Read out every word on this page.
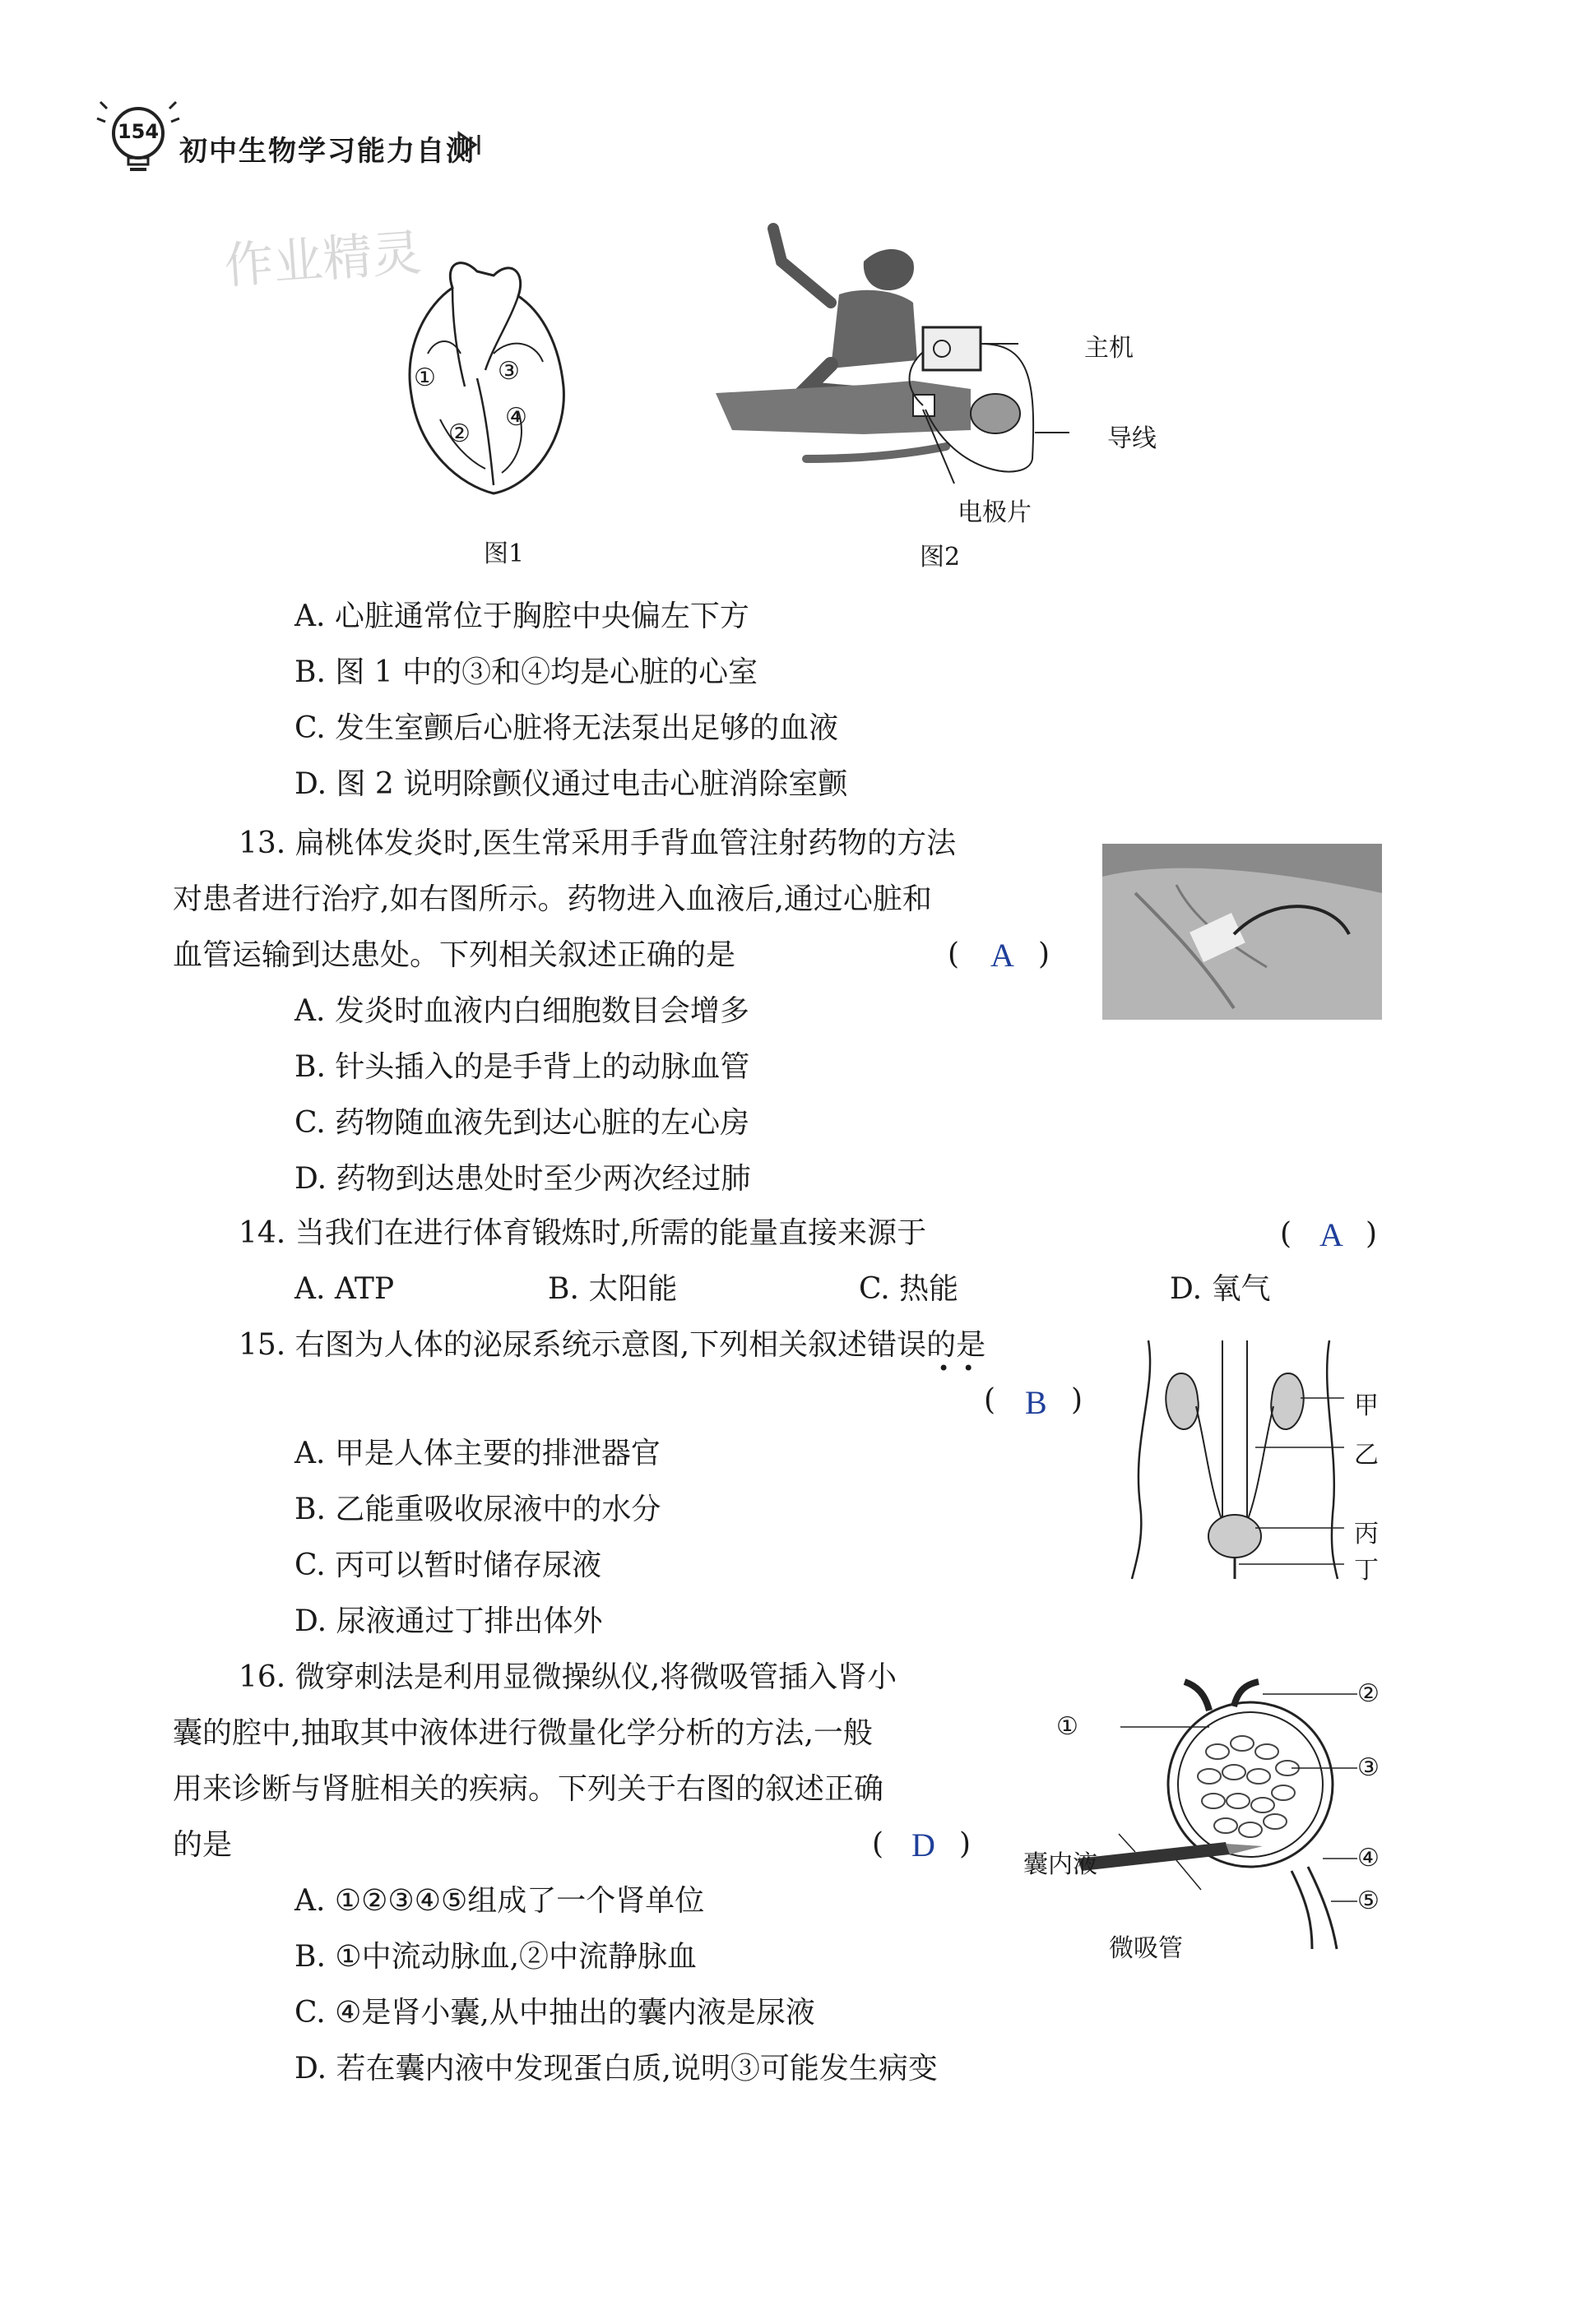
154
初中生物学习能力自测
作业精灵
①
②
③
④
图1
主机
导线
电极片
图2
A. 心脏通常位于胸腔中央偏左下方
B. 图 1 中的③和④均是心脏的心室
C. 发生室颤后心脏将无法泵出足够的血液
D. 图 2 说明除颤仪通过电击心脏消除室颤
13. 扁桃体发炎时,医生常采用手背血管注射药物的方法
对患者进行治疗,如右图所示。药物进入血液后,通过心脏和
血管运输到达患处。下列相关叙述正确的是	( A )
A. 发炎时血液内白细胞数目会增多
B. 针头插入的是手背上的动脉血管
C. 药物随血液先到达心脏的左心房
D. 药物到达患处时至少两次经过肺
14. 当我们在进行体育锻炼时,所需的能量直接来源于	( A )
A. ATP	B. 太阳能	C. 热能	D. 氧气
15. 右图为人体的泌尿系统示意图,下列相关叙述错误的是
• •
( B )
A. 甲是人体主要的排泄器官
B. 乙能重吸收尿液中的水分
C. 丙可以暂时储存尿液
D. 尿液通过丁排出体外
甲
乙
丙
丁
16. 微穿刺法是利用显微操纵仪,将微吸管插入肾小
囊的腔中,抽取其中液体进行微量化学分析的方法,一般
用来诊断与肾脏相关的疾病。下列关于右图的叙述正确
的是	( D )
A. ①②③④⑤组成了一个肾单位
B. ①中流动脉血,②中流静脉血
C. ④是肾小囊,从中抽出的囊内液是尿液
D. 若在囊内液中发现蛋白质,说明③可能发生病变
①
②
③
④
⑤
囊内液
微吸管
